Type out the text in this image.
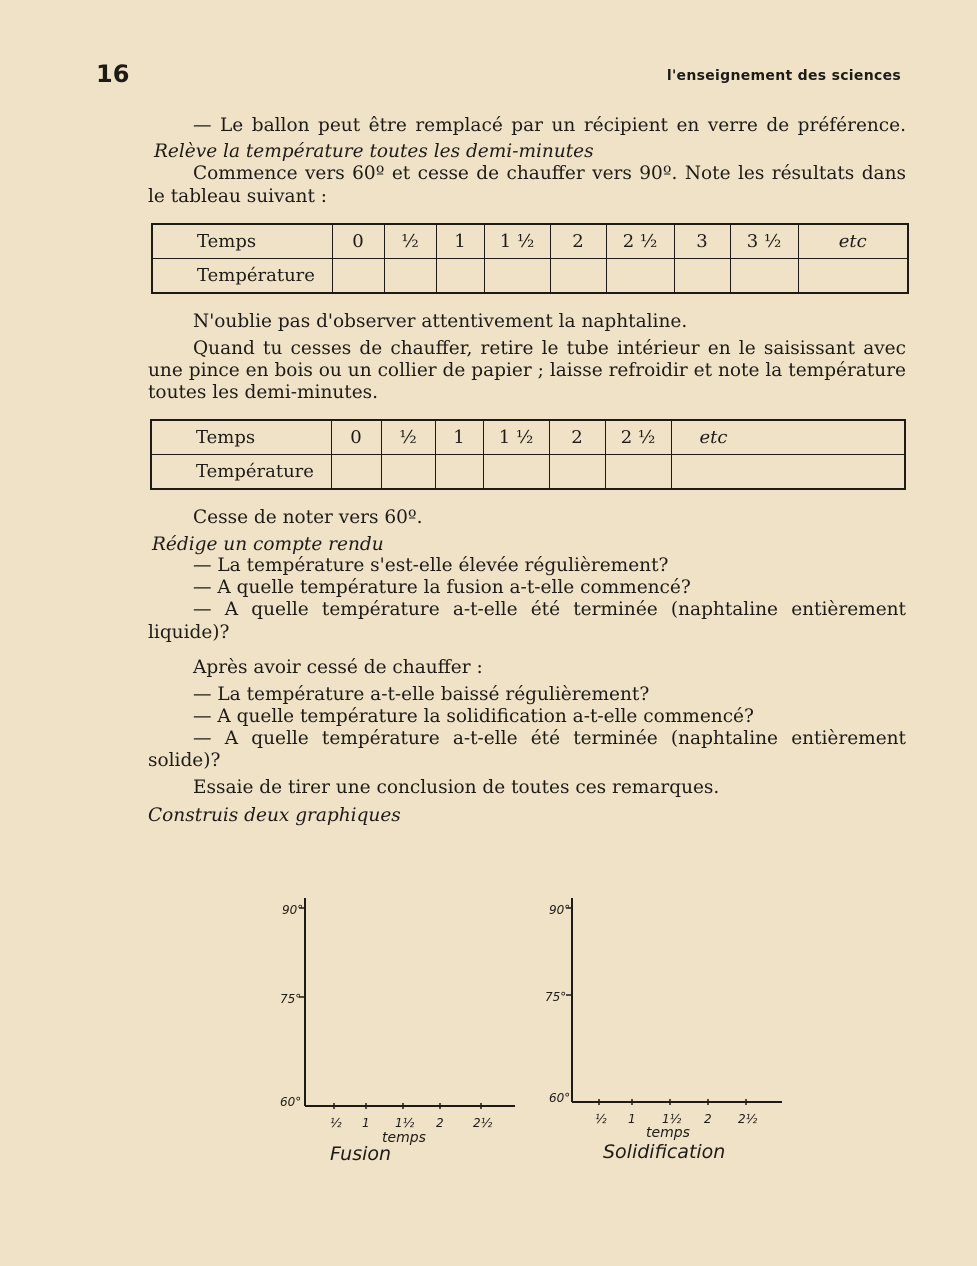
16	l'enseignement des sciences
— Le ballon peut être remplacé par un récipient en verre de préférence.
Relève la température toutes les demi-minutes
Commence vers 60º et cesse de chauffer vers 90º. Note les résultats dans
le tableau suivant :
Temps	0	½	1	1 ½	2	2 ½	3	3 ½	etc
Température									
N'oublie pas d'observer attentivement la naphtaline.
Quand tu cesses de chauffer, retire le tube intérieur en le saisissant avec
une pince en bois ou un collier de papier ; laisse refroidir et note la température
toutes les demi-minutes.
Temps	0	½	1	1 ½	2	2 ½	etc
Température							
Cesse de noter vers 60º.
Rédige un compte rendu
— La température s'est-elle élevée régulièrement?
— A quelle température la fusion a-t-elle commencé?
— A quelle température a-t-elle été terminée (naphtaline entièrement
liquide)?
Après avoir cessé de chauffer :
— La température a-t-elle baissé régulièrement?
— A quelle température la solidification a-t-elle commencé?
— A quelle température a-t-elle été terminée (naphtaline entièrement
solide)?
Essaie de tirer une conclusion de toutes ces remarques.
Construis deux graphiques
90°
75°
60°
½ 1 1½ 2 2½
temps
Fusion
90°
75°
60°
½ 1 1½ 2 2½
temps
Solidification
